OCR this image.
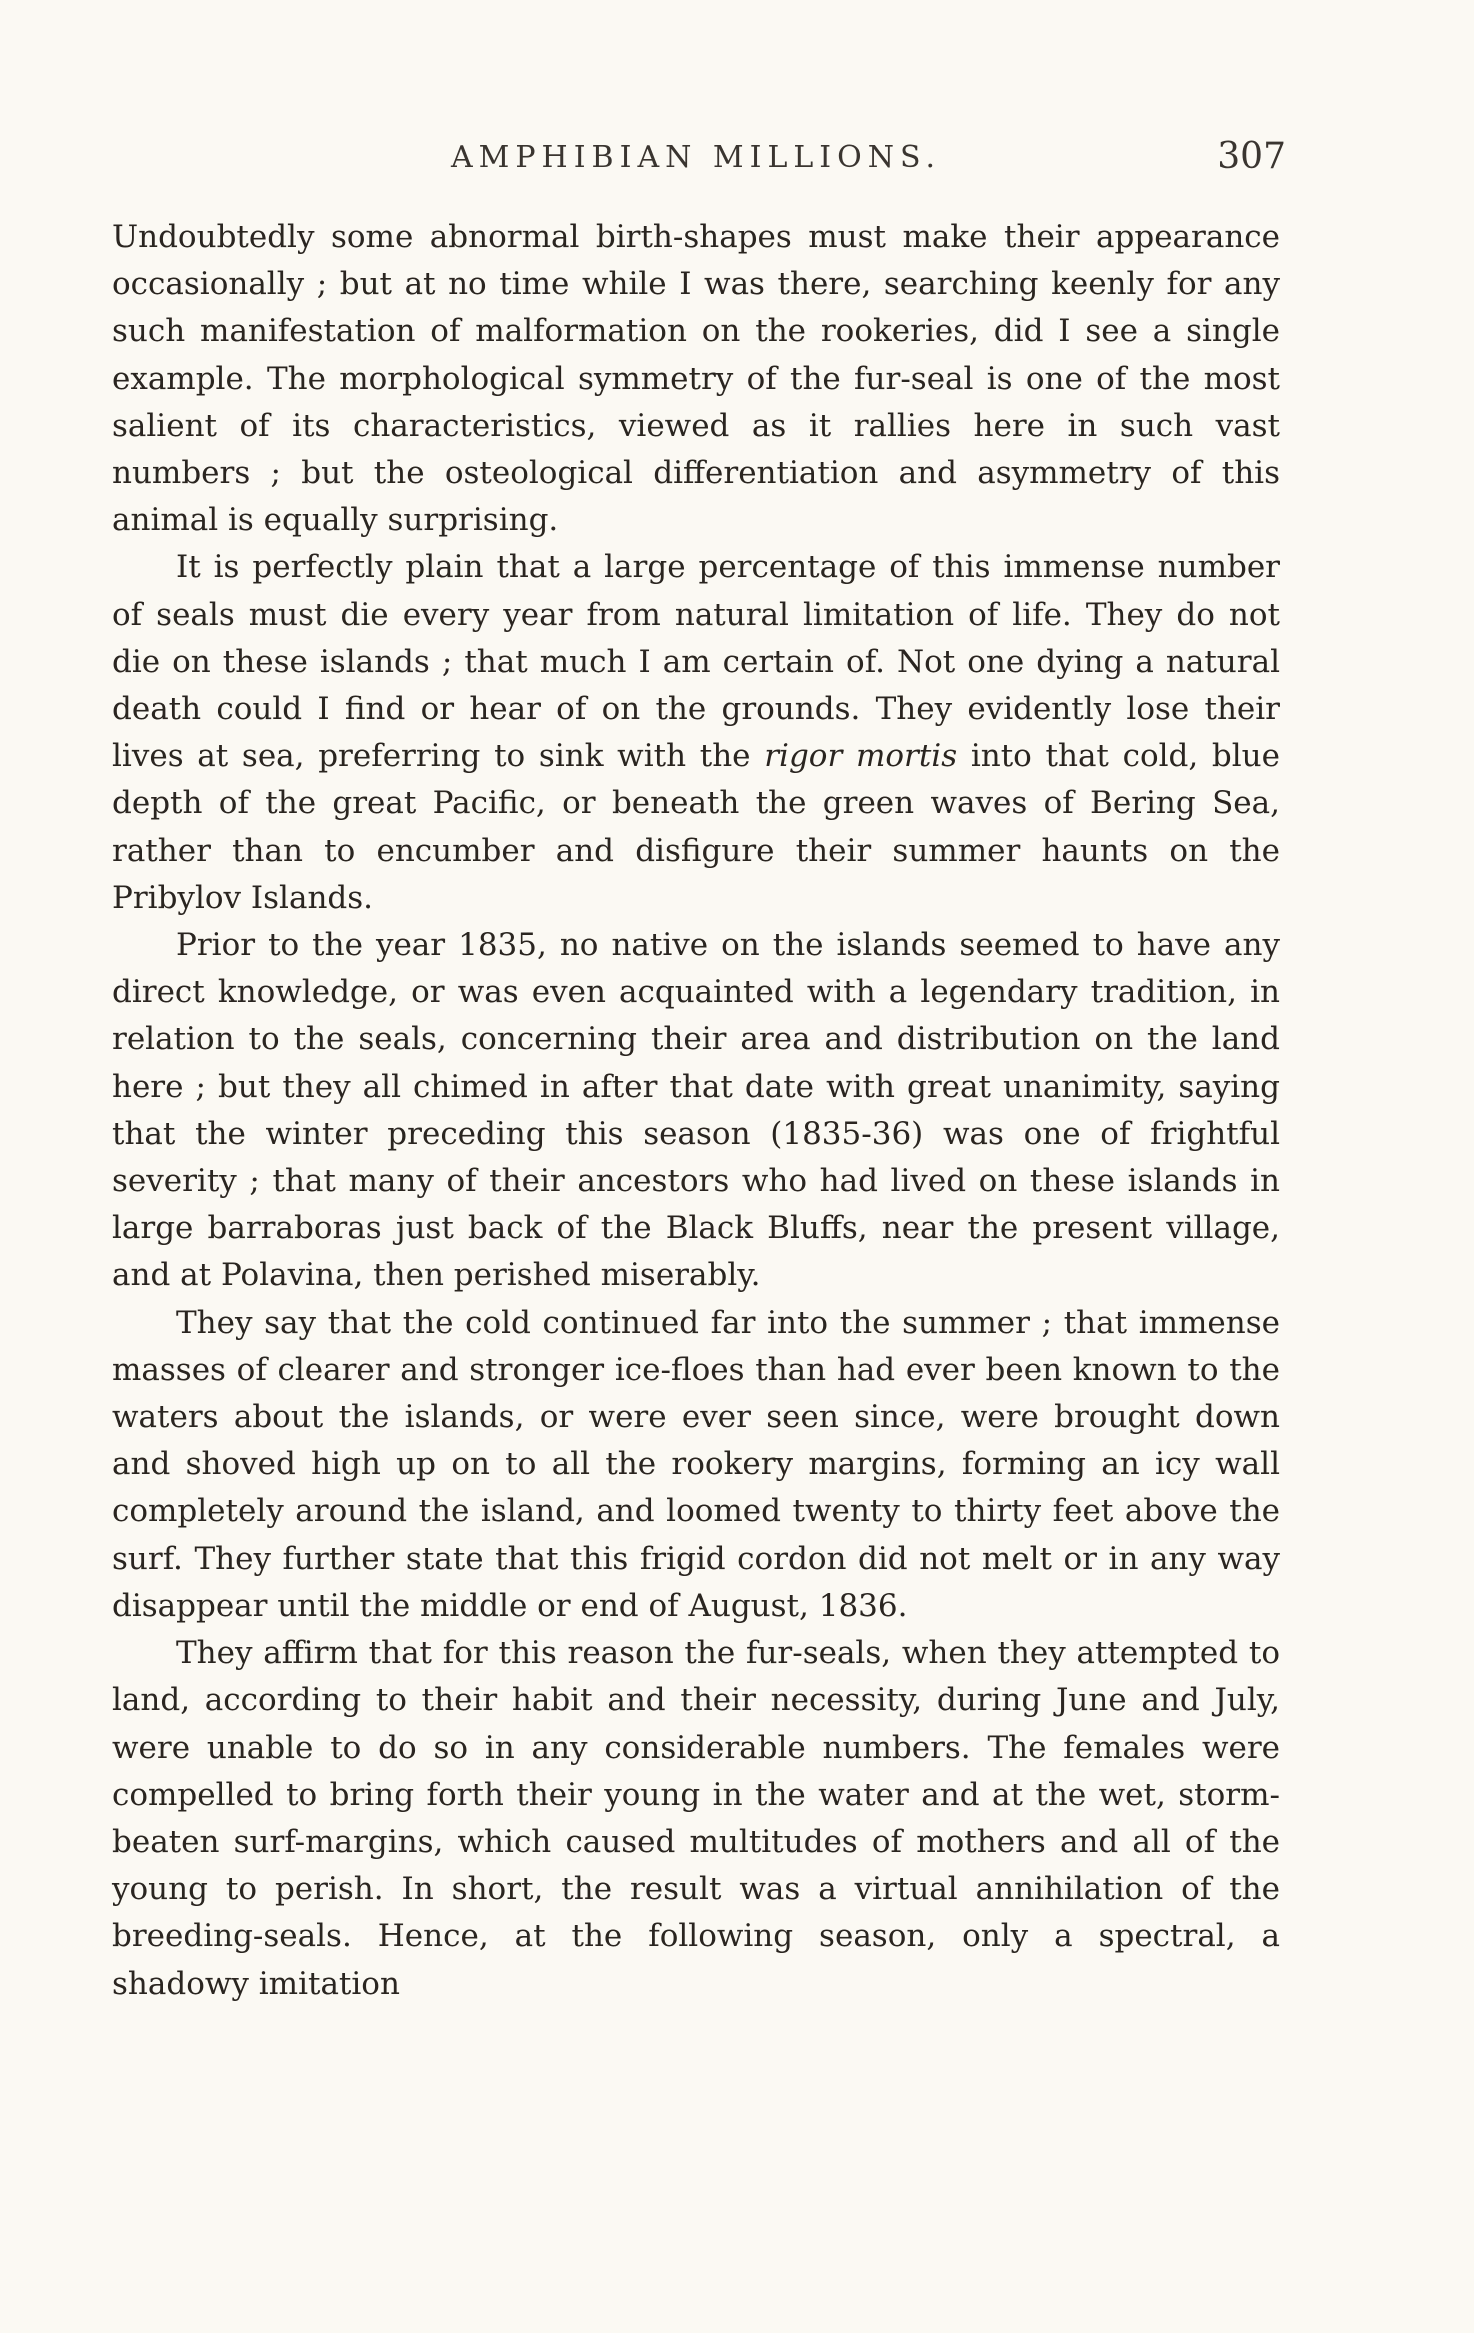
AMPHIBIAN MILLIONS.	307

Undoubtedly some abnormal birth-shapes must make their appearance occasionally ; but at no time while I was there, searching keenly for any such manifestation of malformation on the rookeries, did I see a single example. The morphological symmetry of the fur-seal is one of the most salient of its characteristics, viewed as it rallies here in such vast numbers ; but the osteological differentiation and asymmetry of this animal is equally surprising.

It is perfectly plain that a large percentage of this immense number of seals must die every year from natural limitation of life. They do not die on these islands ; that much I am certain of. Not one dying a natural death could I find or hear of on the grounds. They evidently lose their lives at sea, preferring to sink with the rigor mortis into that cold, blue depth of the great Pacific, or beneath the green waves of Bering Sea, rather than to encumber and disfigure their summer haunts on the Pribylov Islands.

Prior to the year 1835, no native on the islands seemed to have any direct knowledge, or was even acquainted with a legendary tradition, in relation to the seals, concerning their area and distribution on the land here ; but they all chimed in after that date with great unanimity, saying that the winter preceding this season (1835-36) was one of frightful severity ; that many of their ancestors who had lived on these islands in large barraboras just back of the Black Bluffs, near the present village, and at Polavina, then perished miserably.

They say that the cold continued far into the summer ; that immense masses of clearer and stronger ice-floes than had ever been known to the waters about the islands, or were ever seen since, were brought down and shoved high up on to all the rookery margins, forming an icy wall completely around the island, and loomed twenty to thirty feet above the surf. They further state that this frigid cordon did not melt or in any way disappear until the middle or end of August, 1836.

They affirm that for this reason the fur-seals, when they attempted to land, according to their habit and their necessity, during June and July, were unable to do so in any considerable numbers. The females were compelled to bring forth their young in the water and at the wet, storm-beaten surf-margins, which caused multitudes of mothers and all of the young to perish. In short, the result was a virtual annihilation of the breeding-seals. Hence, at the following season, only a spectral, a shadowy imitation
